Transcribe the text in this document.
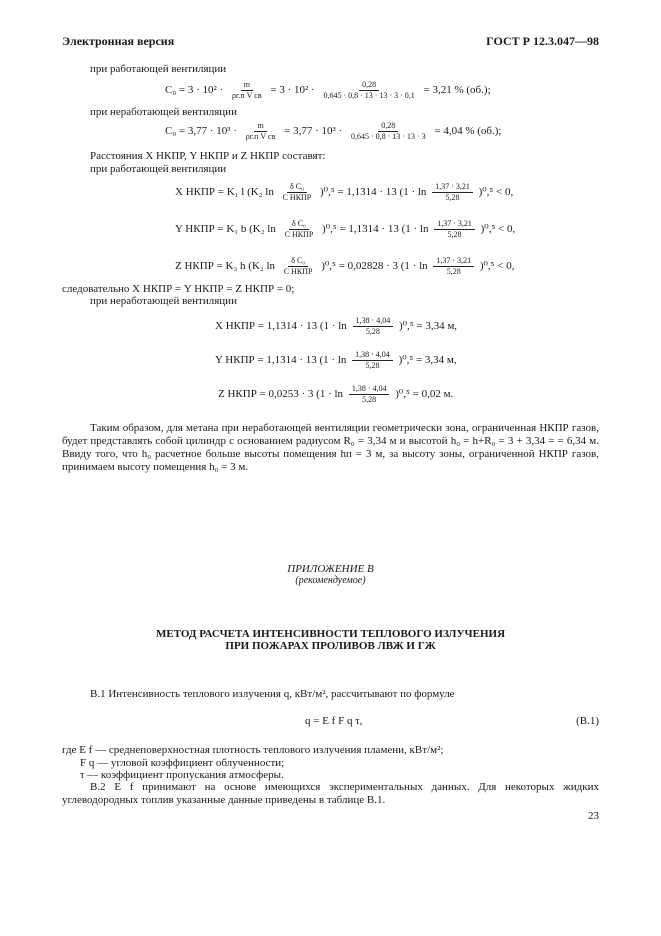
Электронная версия	ГОСТ Р 12.3.047—98
при работающей вентиляции
$C_0 = 3 \cdot 10^2 \cdot \frac{m}{\text{ρг.п V св}} = 3 \cdot 10^2 \cdot \frac{0,28}{0,645 \cdot 0,8 \cdot 13 \cdot 13 \cdot 3 \cdot 0,1} = 3,21$ % (об.);
при неработающей вентиляции
$C_0 = 3,77 \cdot 10^3 \cdot \frac{m}{\text{ρг.п V св}} = 3,77 \cdot 10^3 \cdot \frac{0,28}{0,645 \cdot 0,8 \cdot 13 \cdot 13 \cdot 3} = 4,04$ % (об.);
Расстояния X НКПР, Y НКПР и Z НКПР составят:
при работающей вентиляции
X НКПР = K₁ l (K₂ $\ln \frac{\text{δ C₀}}{\text{C НКПР}} )^0,^5 = 1,1314 \cdot 13$ $(1 \cdot \ln \frac{1,37 \cdot 3,21}{5,28} )^0,^5 < 0$,
Y НКПР = K₁ b (K₂ $\ln \frac{\text{δ C₀}}{\text{C НКПР}} )^0,^5 = 1,1314 \cdot 13$ $(1 \cdot \ln \frac{1,37 \cdot 3,21}{5,28} )^0,^5 < 0$,
Z НКПР = K₃ h (K₂ $\ln \frac{\text{δ C₀}}{\text{C НКПР}} )^0,^5 = 0,02828 \cdot 3$ $(1 \cdot \ln \frac{1,37 \cdot 3,21}{5,28} )^0,^5 < 0$,
следовательно X НКПР = Y НКПР = Z НКПР = 0;
при неработающей вентиляции
X НКПР = 1,1314 · 13 $(1 \cdot \ln \frac{1,38 \cdot 4,04}{5,28} )^0,^5 = 3,34$ м,
Y НКПР = 1,1314 · 13 $(1 \cdot \ln \frac{1,38 \cdot 4,04}{5,28} )^0,^5 = 3,34$ м,
Z НКПР = 0,0253 · 3 $(1 \cdot \ln \frac{1,38 \cdot 4,04}{5,28} )^0,^5 = 0,02$ м.
Таким образом, для метана при неработающей вентиляции геометрически зона, ограниченная НКПР газов, будет представлять собой цилиндр с основанием радиусом R₀ = 3,34 м и высотой h₀ = h+R₀ = 3 + 3,34 = = 6,34 м. Ввиду того, что h₀ расчетное больше высоты помещения hп = 3 м, за высоту зоны, ограниченной НКПР газов, принимаем высоту помещения h₀ = 3 м.
ПРИЛОЖЕНИЕ В
(рекомендуемое)
МЕТОД РАСЧЕТА ИНТЕНСИВНОСТИ ТЕПЛОВОГО ИЗЛУЧЕНИЯ
ПРИ ПОЖАРАХ ПРОЛИВОВ ЛВЖ И ГЖ
В.1 Интенсивность теплового излучения q, кВт/м², рассчитывают по формуле
q = E f F q τ,	(В.1)
где E f — среднеповерхностная плотность теплового излучения пламени, кВт/м²;
F q — угловой коэффициент облученности;
τ — коэффициент пропускания атмосферы.
В.2 E f принимают на основе имеющихся экспериментальных данных. Для некоторых жидких углеводородных топлив указанные данные приведены в таблице В.1.
23
